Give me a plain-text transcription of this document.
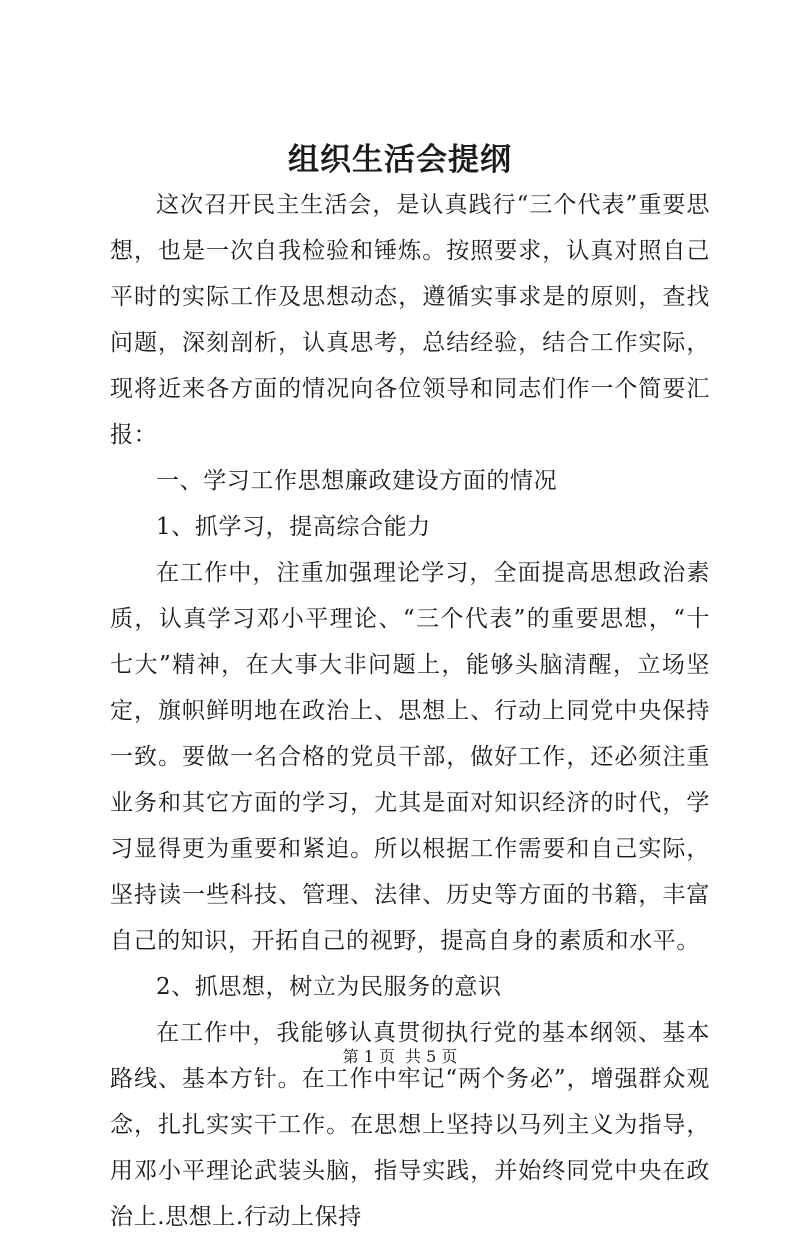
组织生活会提纲

这次召开民主生活会，是认真践行“三个代表”重要思想，也是一次自我检验和锤炼。按照要求，认真对照自己平时的实际工作及思想动态，遵循实事求是的原则，查找问题，深刻剖析，认真思考，总结经验，结合工作实际，现将近来各方面的情况向各位领导和同志们作一个简要汇报：

一、学习工作思想廉政建设方面的情况

1、抓学习，提高综合能力

在工作中，注重加强理论学习，全面提高思想政治素质，认真学习邓小平理论、“三个代表”的重要思想，“十七大”精神，在大事大非问题上，能够头脑清醒，立场坚定，旗帜鲜明地在政治上、思想上、行动上同党中央保持一致。要做一名合格的党员干部，做好工作，还必须注重业务和其它方面的学习，尤其是面对知识经济的时代，学习显得更为重要和紧迫。所以根据工作需要和自己实际，坚持读一些科技、管理、法律、历史等方面的书籍，丰富自己的知识，开拓自己的视野，提高自身的素质和水平。

2、抓思想，树立为民服务的意识

在工作中，我能够认真贯彻执行党的基本纲领、基本路线、基本方针。在工作中牢记“两个务必”，增强群众观念，扎扎实实干工作。在思想上坚持以马列主义为指导，用邓小平理论武装头脑，指导实践，并始终同党中央在政治上.思想上.行动上保持

第 1 页 共 5 页
